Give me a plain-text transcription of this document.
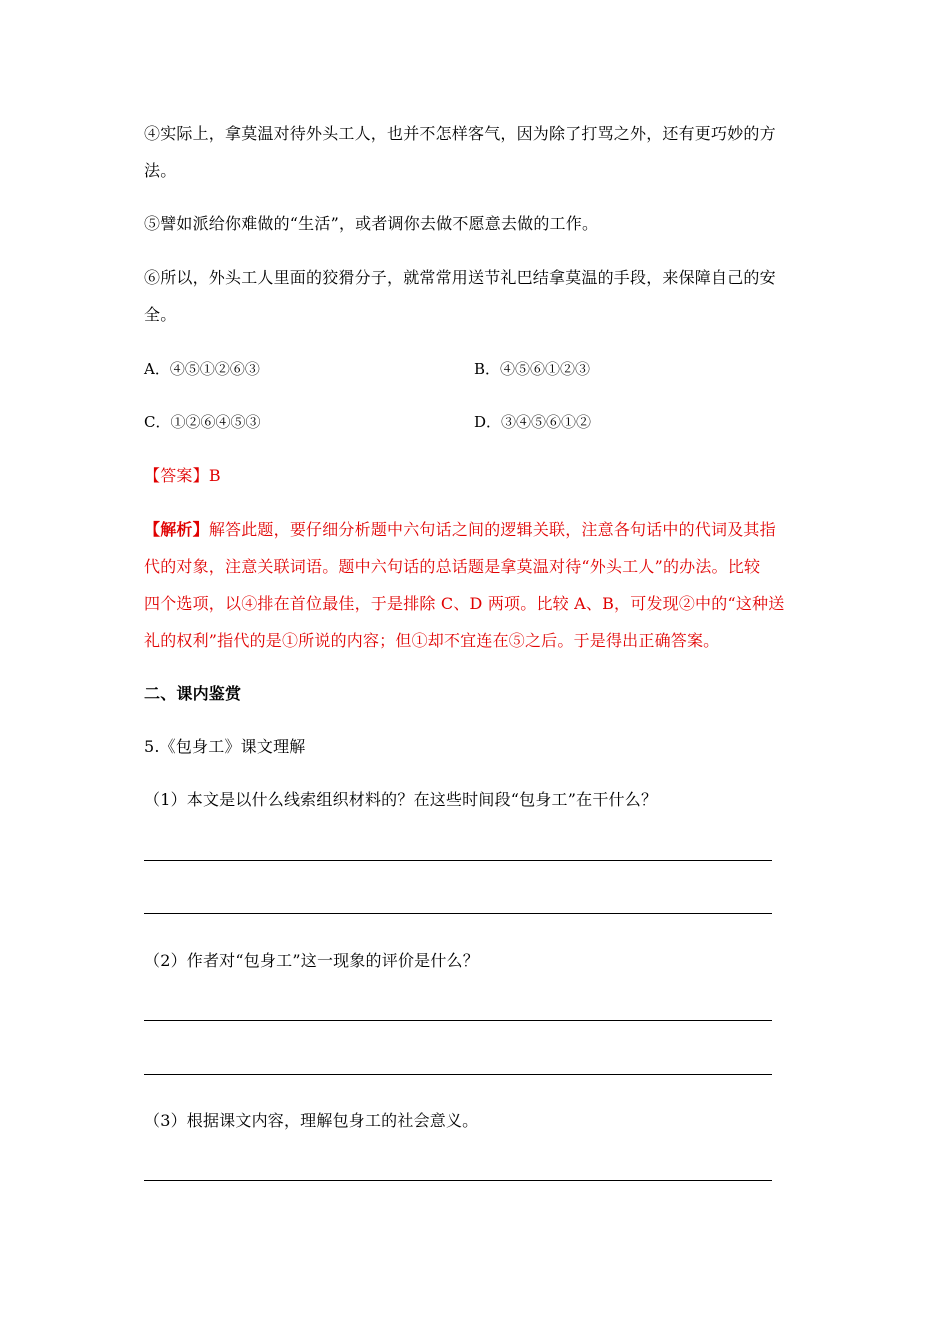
④实际上，拿莫温对待外头工人，也并不怎样客气，因为除了打骂之外，还有更巧妙的方
法。
⑤譬如派给你难做的“生活”，或者调你去做不愿意去做的工作。
⑥所以，外头工人里面的狡猾分子，就常常用送节礼巴结拿莫温的手段，来保障自己的安
全。
A．④⑤①②⑥③	B．④⑤⑥①②③
C．①②⑥④⑤③	D．③④⑤⑥①②
【答案】B
【解析】解答此题，要仔细分析题中六句话之间的逻辑关联，注意各句话中的代词及其指
代的对象，注意关联词语。题中六句话的总话题是拿莫温对待“外头工人”的办法。比较
四个选项，以④排在首位最佳，于是排除 C、D 两项。比较 A、B，可发现②中的“这种送
礼的权利”指代的是①所说的内容；但①却不宜连在⑤之后。于是得出正确答案。
二、课内鉴赏
5.《包身工》课文理解
（1）本文是以什么线索组织材料的？在这些时间段“包身工”在干什么？
（2）作者对“包身工”这一现象的评价是什么？
（3）根据课文内容，理解包身工的社会意义。
